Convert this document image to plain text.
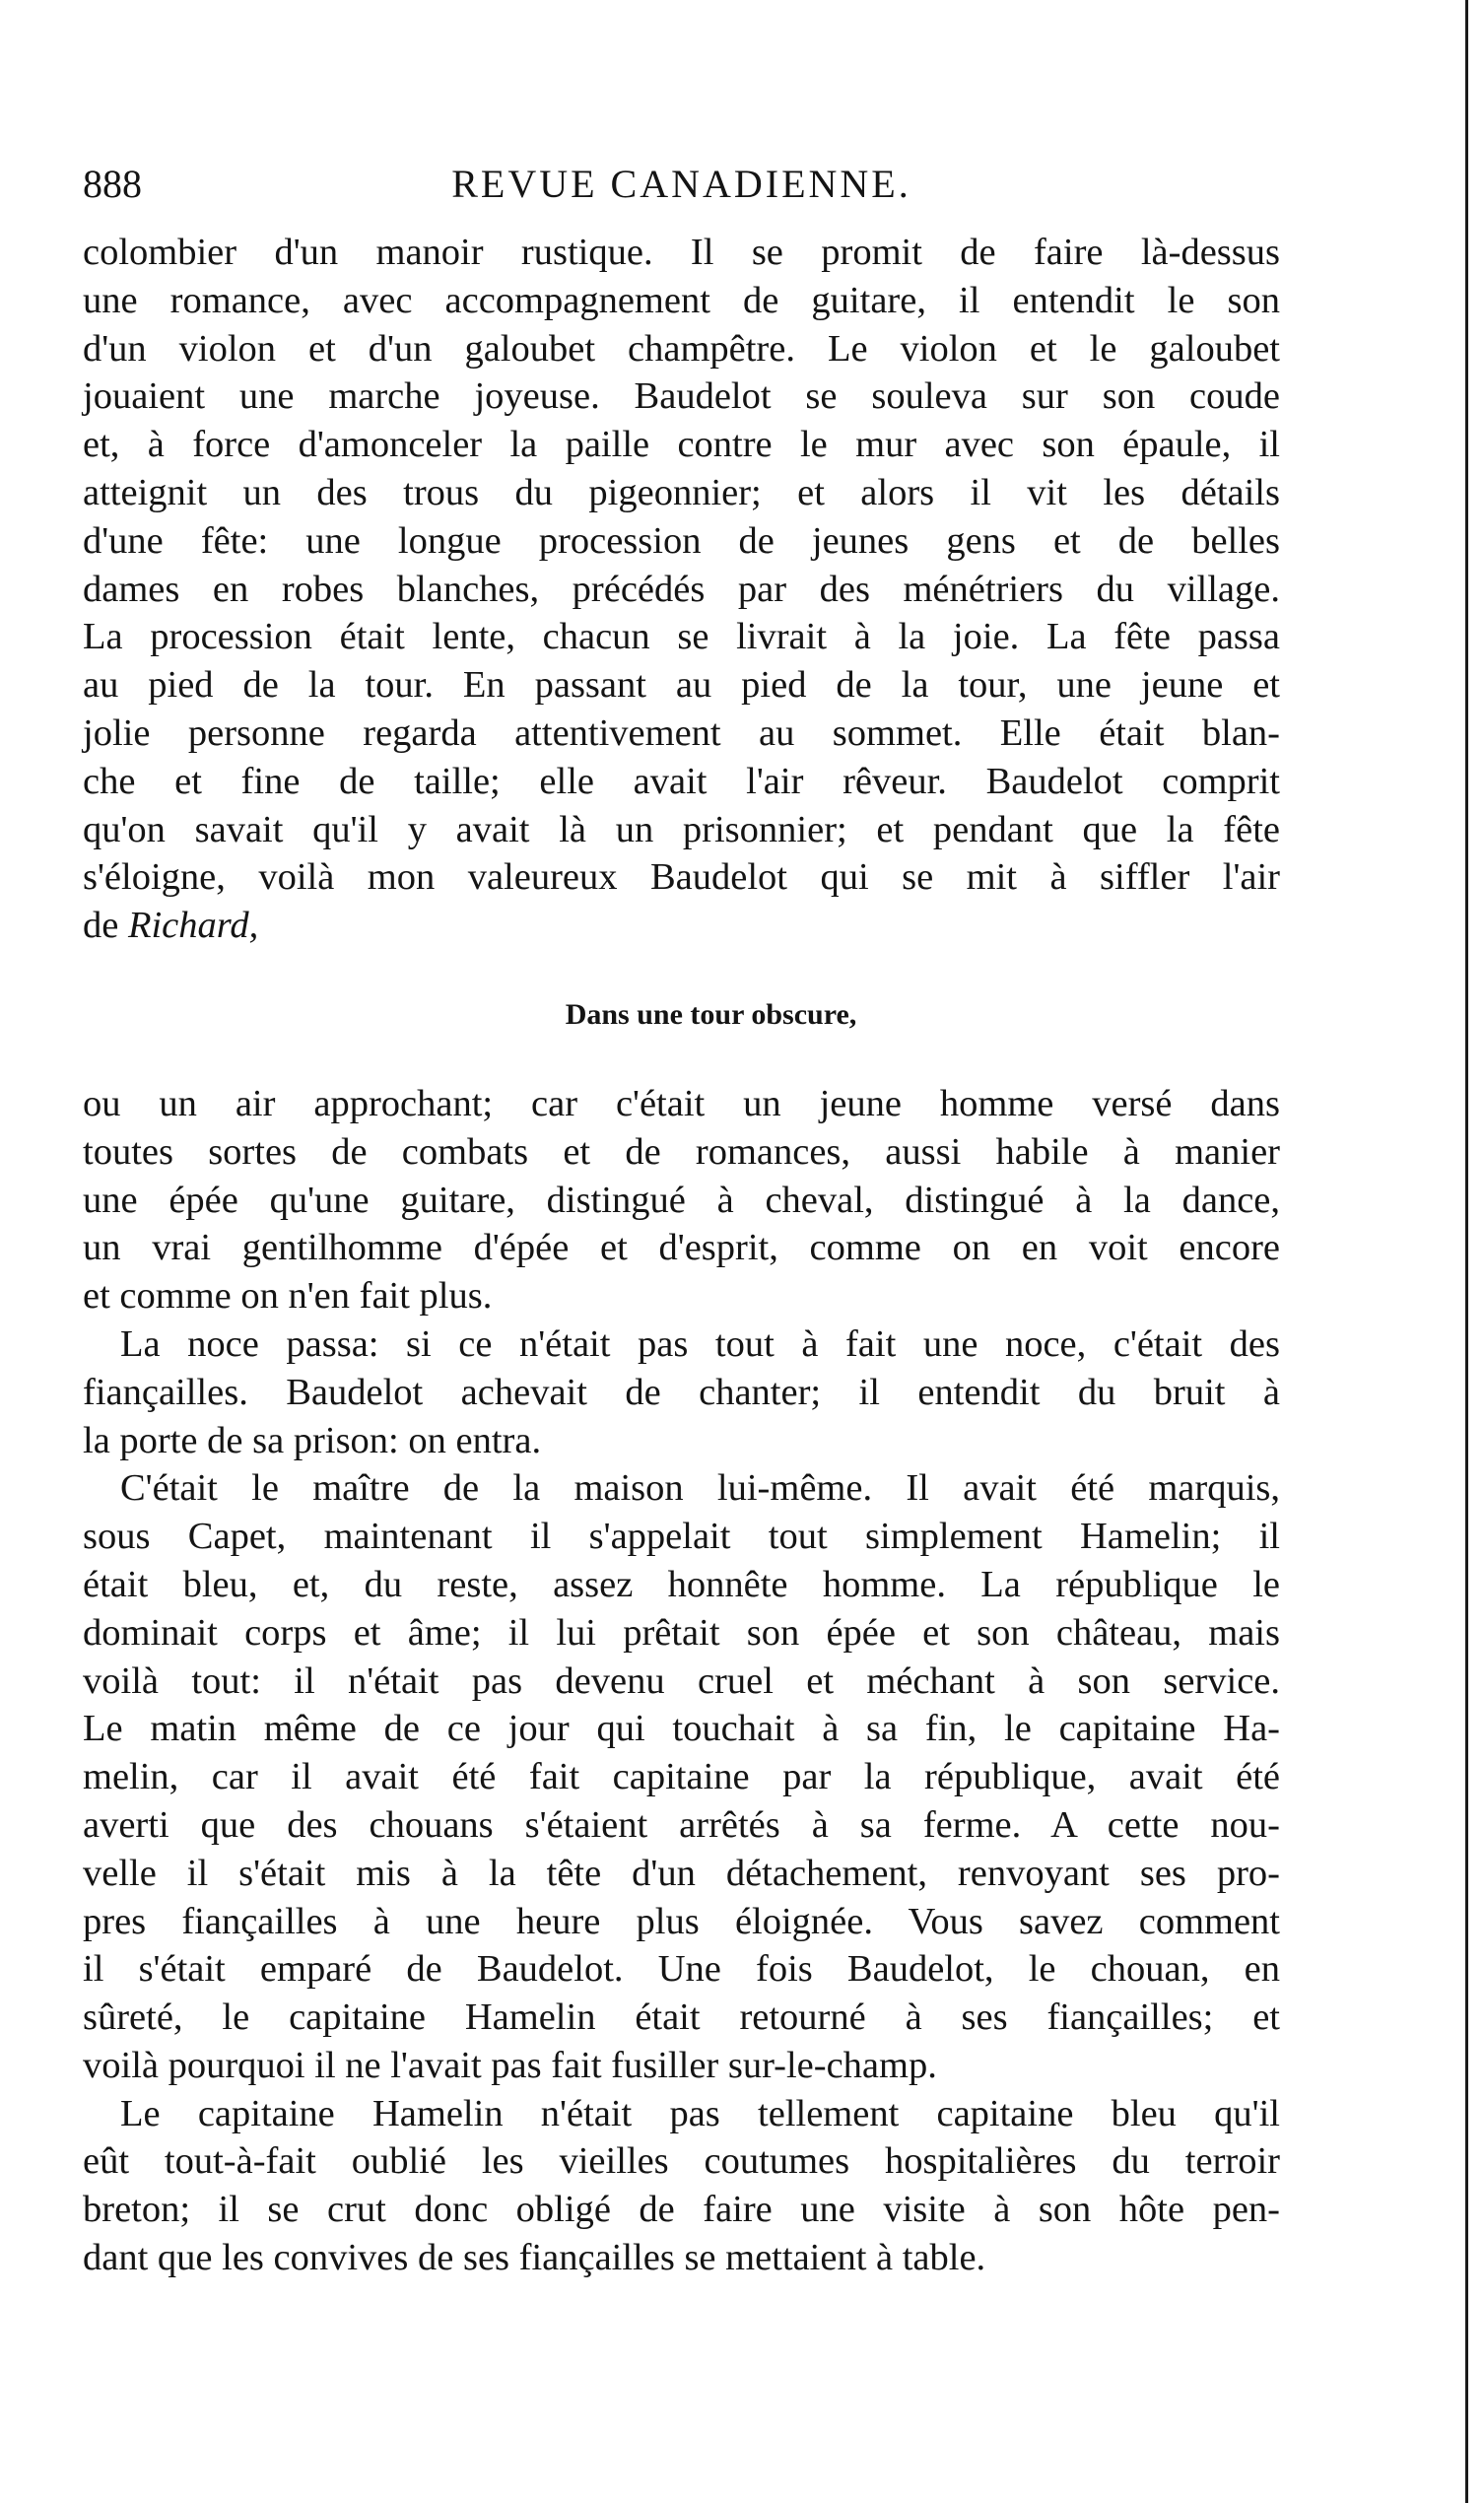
888	REVUE CANADIENNE.
colombier d'un manoir rustique. Il se promit de faire là-dessus
une romance, avec accompagnement de guitare, il entendit le son
d'un violon et d'un galoubet champêtre. Le violon et le galoubet
jouaient une marche joyeuse. Baudelot se souleva sur son coude
et, à force d'amonceler la paille contre le mur avec son épaule, il
atteignit un des trous du pigeonnier; et alors il vit les détails
d'une fête: une longue procession de jeunes gens et de belles
dames en robes blanches, précédés par des ménétriers du village.
La procession était lente, chacun se livrait à la joie. La fête passa
au pied de la tour. En passant au pied de la tour, une jeune et
jolie personne regarda attentivement au sommet. Elle était blan-
che et fine de taille; elle avait l'air rêveur. Baudelot comprit
qu'on savait qu'il y avait là un prisonnier; et pendant que la fête
s'éloigne, voilà mon valeureux Baudelot qui se mit à siffler l'air
de Richard,
Dans une tour obscure,
ou un air approchant; car c'était un jeune homme versé dans
toutes sortes de combats et de romances, aussi habile à manier
une épée qu'une guitare, distingué à cheval, distingué à la dance,
un vrai gentilhomme d'épée et d'esprit, comme on en voit encore
et comme on n'en fait plus.
La noce passa: si ce n'était pas tout à fait une noce, c'était des
fiançailles. Baudelot achevait de chanter; il entendit du bruit à
la porte de sa prison: on entra.
C'était le maître de la maison lui-même. Il avait été marquis,
sous Capet, maintenant il s'appelait tout simplement Hamelin; il
était bleu, et, du reste, assez honnête homme. La république le
dominait corps et âme; il lui prêtait son épée et son château, mais
voilà tout: il n'était pas devenu cruel et méchant à son service.
Le matin même de ce jour qui touchait à sa fin, le capitaine Ha-
melin, car il avait été fait capitaine par la république, avait été
averti que des chouans s'étaient arrêtés à sa ferme. A cette nou-
velle il s'était mis à la tête d'un détachement, renvoyant ses pro-
pres fiançailles à une heure plus éloignée. Vous savez comment
il s'était emparé de Baudelot. Une fois Baudelot, le chouan, en
sûreté, le capitaine Hamelin était retourné à ses fiançailles; et
voilà pourquoi il ne l'avait pas fait fusiller sur-le-champ.
Le capitaine Hamelin n'était pas tellement capitaine bleu qu'il
eût tout-à-fait oublié les vieilles coutumes hospitalières du terroir
breton; il se crut donc obligé de faire une visite à son hôte pen-
dant que les convives de ses fiançailles se mettaient à table.
